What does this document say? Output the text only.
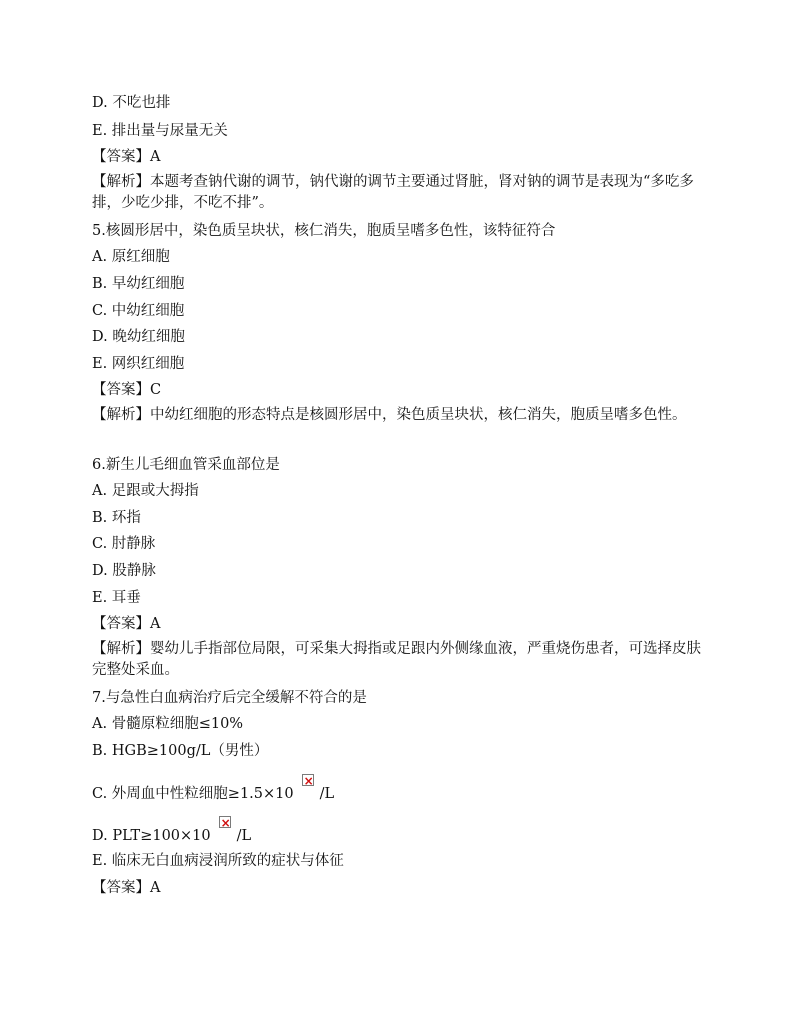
D. 不吃也排
E. 排出量与尿量无关
【答案】A
【解析】本题考查钠代谢的调节，钠代谢的调节主要通过肾脏，肾对钠的调节是表现为“多吃多排，少吃少排，不吃不排”。
5.核圆形居中，染色质呈块状，核仁消失，胞质呈嗜多色性，该特征符合
A. 原红细胞
B. 早幼红细胞
C. 中幼红细胞
D. 晚幼红细胞
E. 网织红细胞
【答案】C
【解析】中幼红细胞的形态特点是核圆形居中，染色质呈块状，核仁消失，胞质呈嗜多色性。
6.新生儿毛细血管采血部位是
A. 足跟或大拇指
B. 环指
C. 肘静脉
D. 股静脉
E. 耳垂
【答案】A
【解析】婴幼儿手指部位局限，可采集大拇指或足跟内外侧缘血液，严重烧伤患者，可选择皮肤完整处采血。
7.与急性白血病治疗后完全缓解不符合的是
A. 骨髓原粒细胞≤10%
B. HGB≥100g/L（男性）
C. 外周血中性粒细胞≥1.5×10× /L
D. PLT≥100×10× /L
E. 临床无白血病浸润所致的症状与体征
【答案】A
